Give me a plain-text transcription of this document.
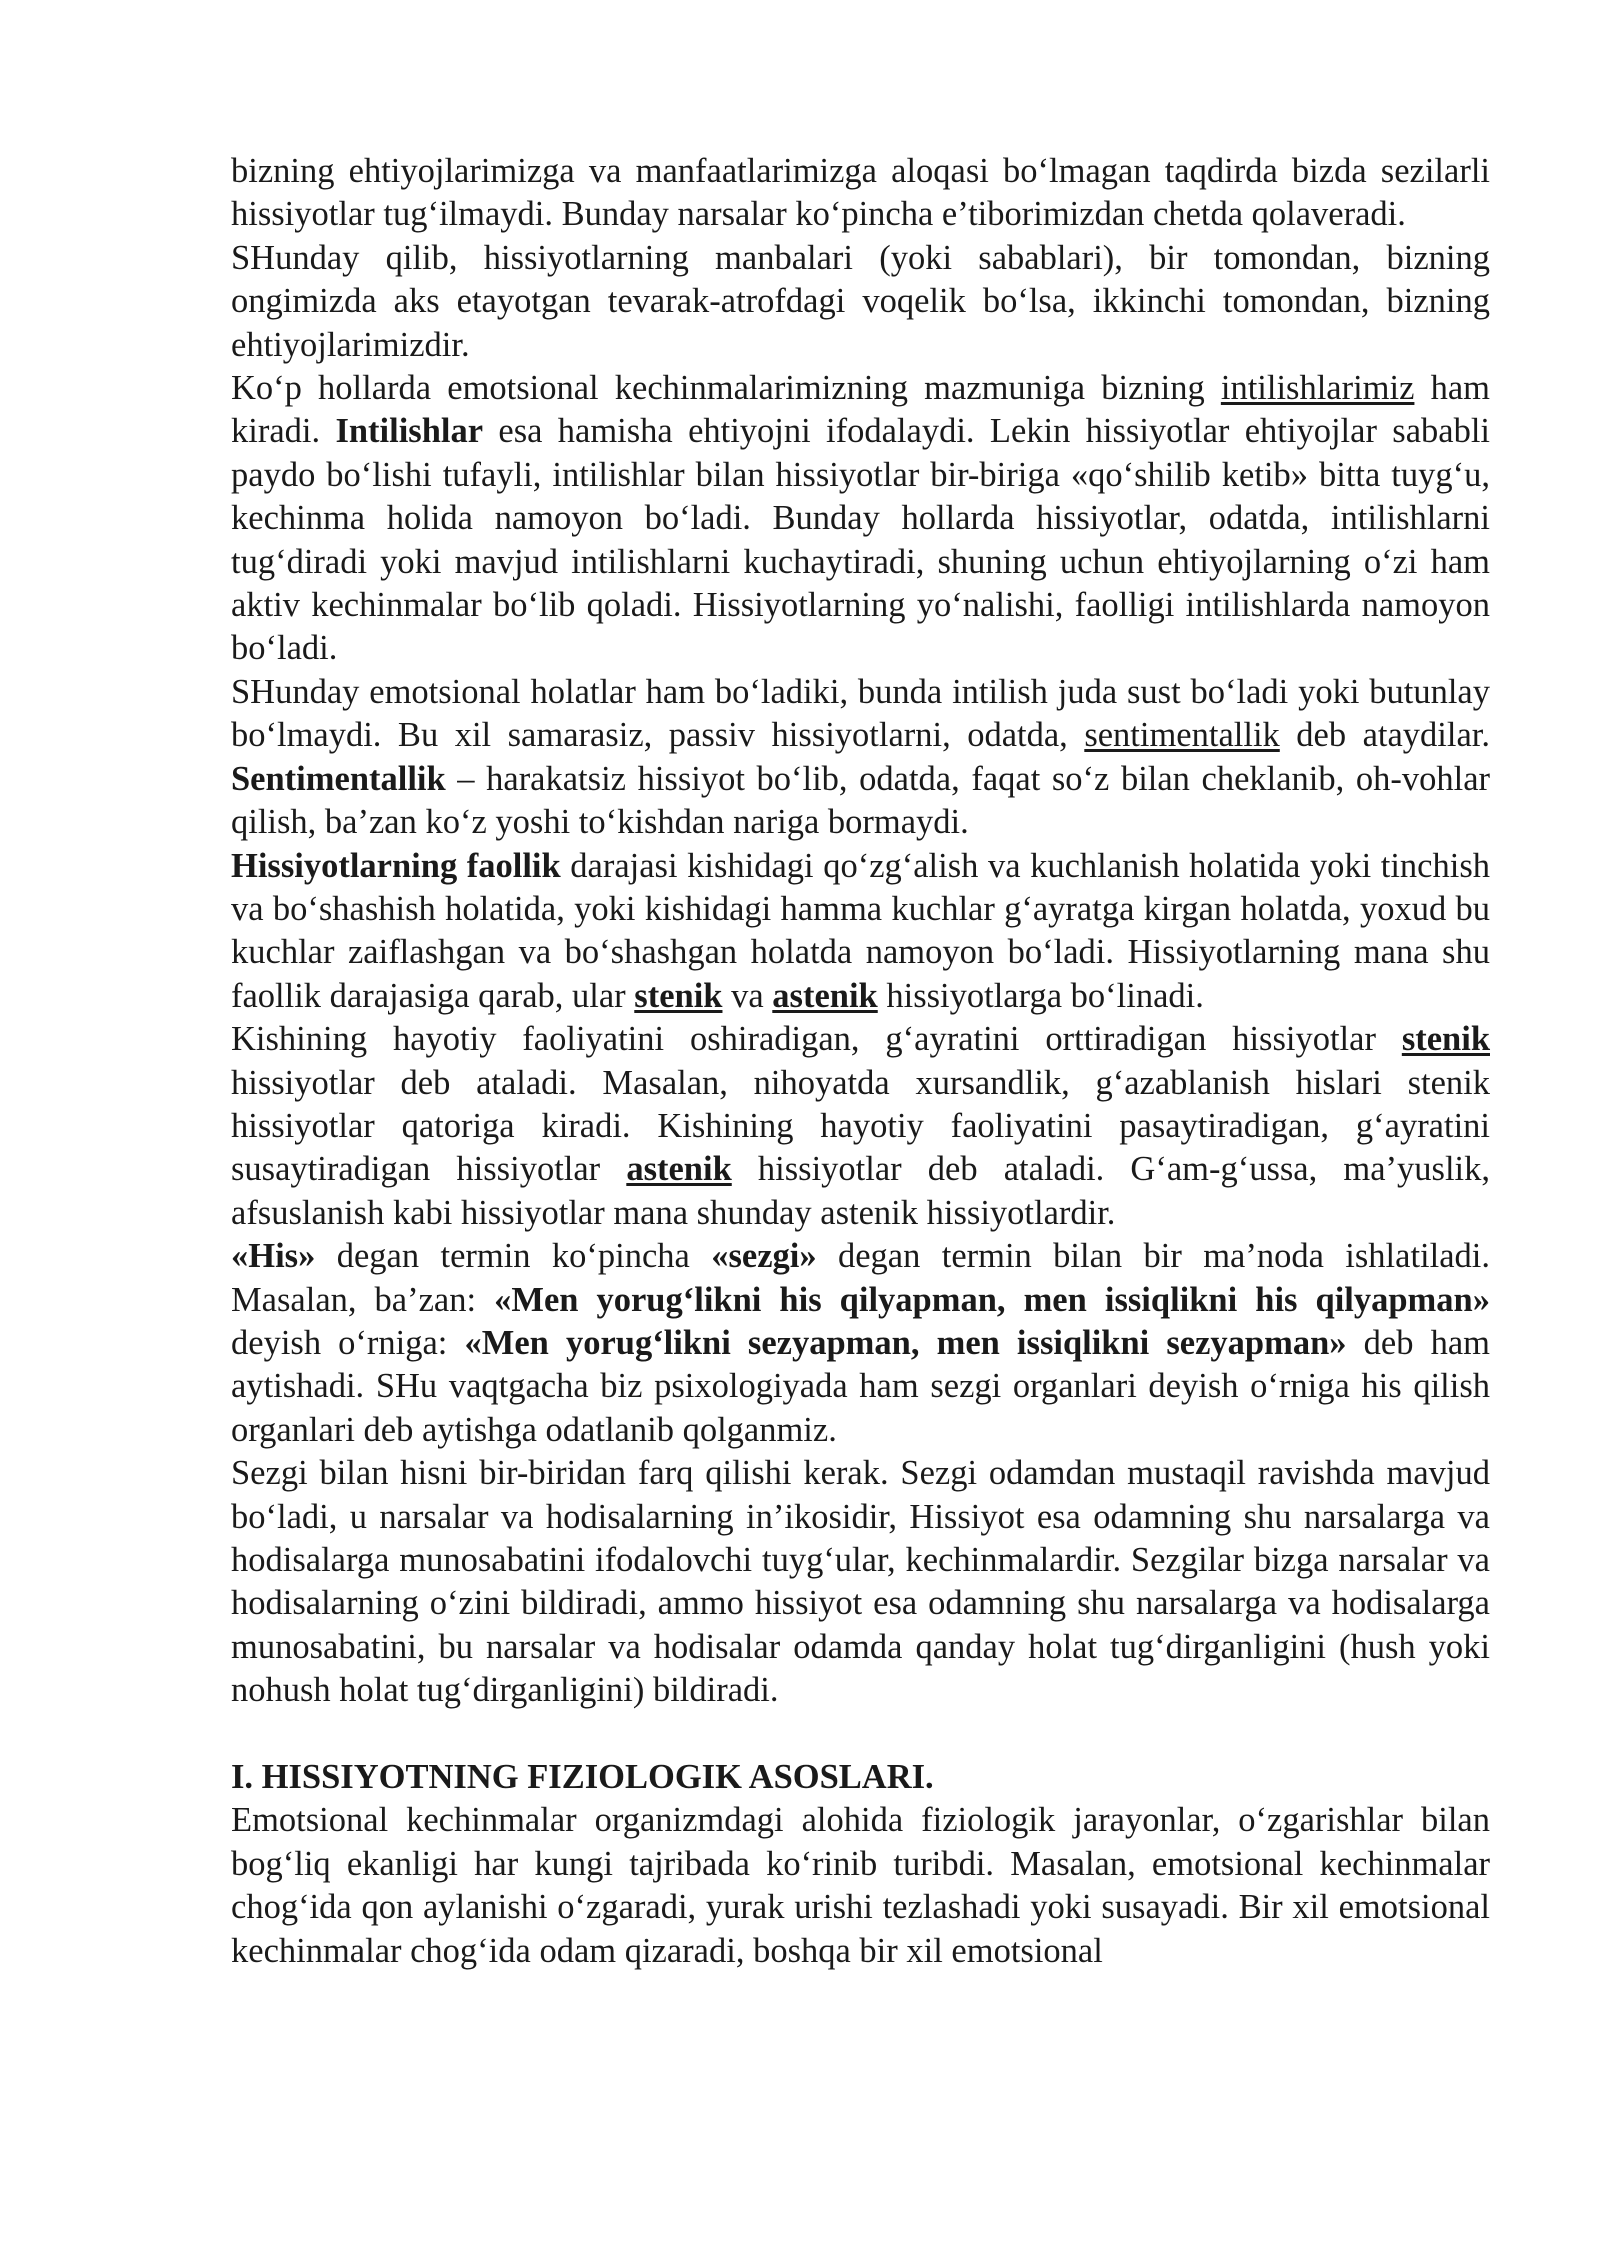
bizning ehtiyojlarimizga va manfaatlarimizga aloqasi bo‘lmagan taqdirda bizda sezilarli hissiyotlar tug‘ilmaydi. Bunday narsalar ko‘pincha e’tiborimizdan chetda qolaveradi.

SHunday qilib, hissiyotlarning manbalari (yoki sabablari), bir tomondan, bizning ongimizda aks etayotgan tevarak-atrofdagi voqelik bo‘lsa, ikkinchi tomondan, bizning ehtiyojlarimizdir.

Ko‘p hollarda emotsional kechinmalarimizning mazmuniga bizning intilishlarimiz ham kiradi. Intilishlar esa hamisha ehtiyojni ifodalaydi. Lekin hissiyotlar ehtiyojlar sababli paydo bo‘lishi tufayli, intilishlar bilan hissiyotlar bir-biriga «qo‘shilib ketib» bitta tuyg‘u, kechinma holida namoyon bo‘ladi. Bunday hollarda hissiyotlar, odatda, intilishlarni tug‘diradi yoki mavjud intilishlarni kuchaytiradi, shuning uchun ehtiyojlarning o‘zi ham aktiv kechinmalar bo‘lib qoladi. Hissiyotlarning yo‘nalishi, faolligi intilishlarda namoyon bo‘ladi.

SHunday emotsional holatlar ham bo‘ladiki, bunda intilish juda sust bo‘ladi yoki butunlay bo‘lmaydi. Bu xil samarasiz, passiv hissiyotlarni, odatda, sentimentallik deb ataydilar. Sentimentallik – harakatsiz hissiyot bo‘lib, odatda, faqat so‘z bilan cheklanib, oh-vohlar qilish, ba’zan ko‘z yoshi to‘kishdan nariga bormaydi.

Hissiyotlarning faollik darajasi kishidagi qo‘zg‘alish va kuchlanish holatida yoki tinchish va bo‘shashish holatida, yoki kishidagi hamma kuchlar g‘ayratga kirgan holatda, yoxud bu kuchlar zaiflashgan va bo‘shashgan holatda namoyon bo‘ladi. Hissiyotlarning mana shu faollik darajasiga qarab, ular stenik va astenik hissiyotlarga bo‘linadi.

Kishining hayotiy faoliyatini oshiradigan, g‘ayratini orttiradigan hissiyotlar stenik hissiyotlar deb ataladi. Masalan, nihoyatda xursandlik, g‘azablanish hislari stenik hissiyotlar qatoriga kiradi. Kishining hayotiy faoliyatini pasaytiradigan, g‘ayratini susaytiradigan hissiyotlar astenik hissiyotlar deb ataladi. G‘am-g‘ussa, ma’yuslik, afsuslanish kabi hissiyotlar mana shunday astenik hissiyotlardir.

«His» degan termin ko‘pincha «sezgi» degan termin bilan bir ma’noda ishlatiladi. Masalan, ba’zan: «Men yorug‘likni his qilyapman, men issiqlikni his qilyapman» deyish o‘rniga: «Men yorug‘likni sezyapman, men issiqlikni sezyapman» deb ham aytishadi. SHu vaqtgacha biz psixologiyada ham sezgi organlari deyish o‘rniga his qilish organlari deb aytishga odatlanib qolganmiz.

Sezgi bilan hisni bir-biridan farq qilishi kerak. Sezgi odamdan mustaqil ravishda mavjud bo‘ladi, u narsalar va hodisalarning in’ikosidir, Hissiyot esa odamning shu narsalarga va hodisalarga munosabatini ifodalovchi tuyg‘ular, kechinmalardir. Sezgilar bizga narsalar va hodisalarning o‘zini bildiradi, ammo hissiyot esa odamning shu narsalarga va hodisalarga munosabatini, bu narsalar va hodisalar odamda qanday holat tug‘dirganligini (hush yoki nohush holat tug‘dirganligini) bildiradi.

I. HISSIYOTNING FIZIOLOGIK ASOSLARI.

Emotsional kechinmalar organizmdagi alohida fiziologik jarayonlar, o‘zgarishlar bilan bog‘liq ekanligi har kungi tajribada ko‘rinib turibdi. Masalan, emotsional kechinmalar chog‘ida qon aylanishi o‘zgaradi, yurak urishi tezlashadi yoki susayadi. Bir xil emotsional kechinmalar chog‘ida odam qizaradi, boshqa bir xil emotsional
